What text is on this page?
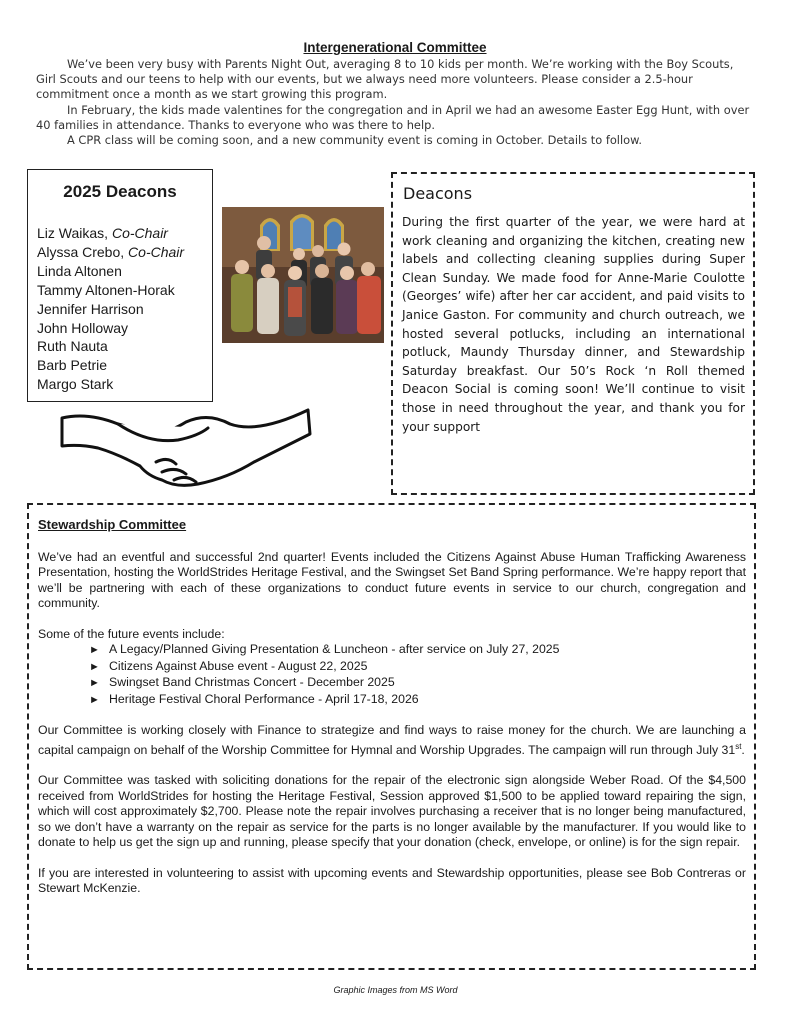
Intergenerational Committee

We’ve been very busy with Parents Night Out, averaging 8 to 10 kids per month. We’re working with the Boy Scouts, Girl Scouts and our teens to help with our events, but we always need more volunteers. Please consider a 2.5-hour commitment once a month as we start growing this program.

In February, the kids made valentines for the congregation and in April we had an awesome Easter Egg Hunt, with over 40 families in attendance. Thanks to everyone who was there to help.

A CPR class will be coming soon, and a new community event is coming in October. Details to follow.

2025 Deacons
Liz Waikas, Co-Chair
Alyssa Crebo, Co-Chair
Linda Altonen
Tammy Altonen-Horak
Jennifer Harrison
John Holloway
Ruth Nauta
Barb Petrie
Margo Stark
Deacons

During the first quarter of the year, we were hard at work cleaning and organizing the kitchen, creating new labels and collecting cleaning supplies during Super Clean Sunday. We made food for Anne-Marie Coulotte (Georges’ wife) after her car accident, and paid visits to Janice Gaston. For community and church outreach, we hosted several potlucks, including an international potluck, Maundy Thursday dinner, and Stewardship Saturday breakfast. Our 50’s Rock ‘n Roll themed Deacon Social is coming soon! We’ll continue to visit those in need throughout the year, and thank you for your support

Stewardship Committee

We’ve had an eventful and successful 2nd quarter! Events included the Citizens Against Abuse Human Trafficking Awareness Presentation, hosting the WorldStrides Heritage Festival, and the Swingset Set Band Spring performance. We’re happy report that we’ll be partnering with each of these organizations to conduct future events in service to our church, congregation and community.

Some of the future events include:

► A Legacy/Planned Giving Presentation & Luncheon - after service on July 27, 2025
► Citizens Against Abuse event - August 22, 2025
► Swingset Band Christmas Concert - December 2025
► Heritage Festival Choral Performance - April 17-18, 2026

Our Committee is working closely with Finance to strategize and find ways to raise money for the church. We are launching a capital campaign on behalf of the Worship Committee for Hymnal and Worship Upgrades. The campaign will run through July 31st.

Our Committee was tasked with soliciting donations for the repair of the electronic sign alongside Weber Road. Of the $4,500 received from WorldStrides for hosting the Heritage Festival, Session approved $1,500 to be applied toward repairing the sign, which will cost approximately $2,700. Please note the repair involves purchasing a receiver that is no longer being manufactured, so we don’t have a warranty on the repair as service for the parts is no longer available by the manufacturer. If you would like to donate to help us get the sign up and running, please specify that your donation (check, envelope, or online) is for the sign repair.

If you are interested in volunteering to assist with upcoming events and Stewardship opportunities, please see Bob Contreras or Stewart McKenzie.

Graphic Images from MS Word
